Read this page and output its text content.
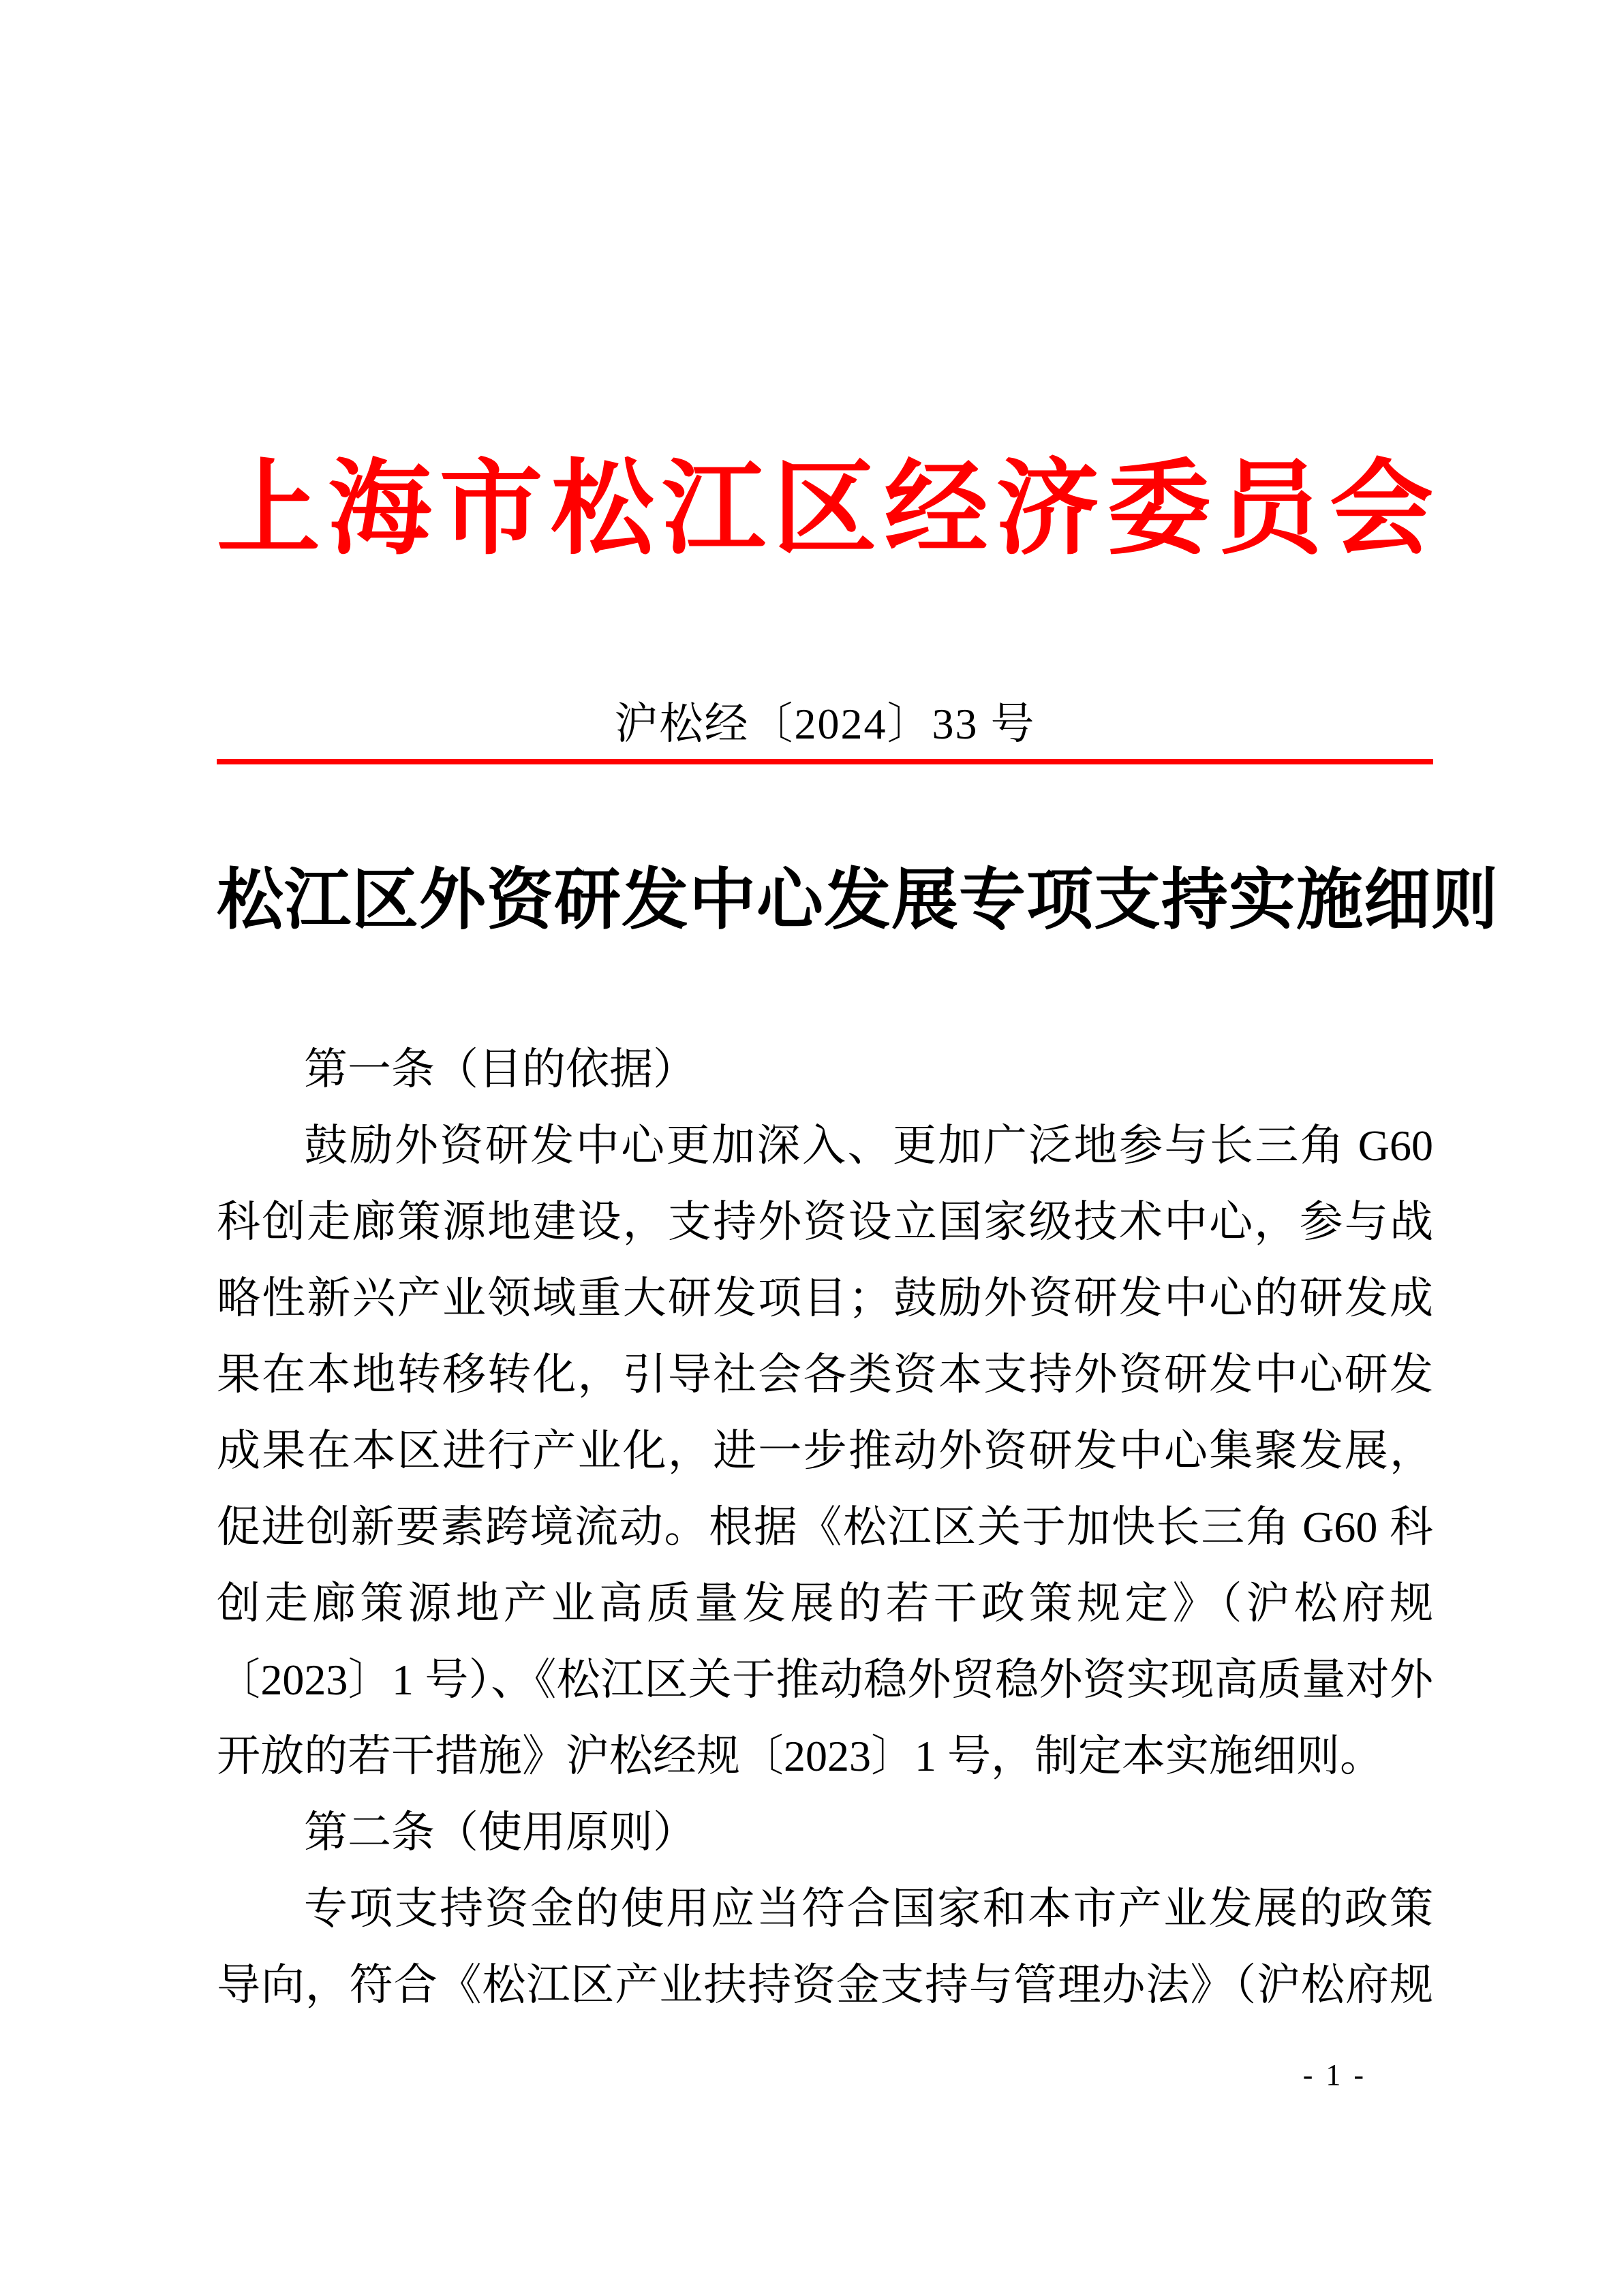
上海市松江区经济委员会
沪松经〔2024〕33 号
松江区外资研发中心发展专项支持实施细则
第一条（目的依据）
鼓励外资研发中心更加深入、更加广泛地参与长三角 G60
科创走廊策源地建设，支持外资设立国家级技术中心，参与战
略性新兴产业领域重大研发项目；鼓励外资研发中心的研发成
果在本地转移转化，引导社会各类资本支持外资研发中心研发
成果在本区进行产业化，进一步推动外资研发中心集聚发展，
促进创新要素跨境流动。根据《松江区关于加快长三角 G60 科
创走廊策源地产业高质量发展的若干政策规定》（沪松府规
〔2023〕1 号）、《松江区关于推动稳外贸稳外资实现高质量对外
开放的若干措施》沪松经规〔2023〕1 号，制定本实施细则。
第二条（使用原则）
专项支持资金的使用应当符合国家和本市产业发展的政策
导向，符合《松江区产业扶持资金支持与管理办法》（沪松府规
- 1 -
